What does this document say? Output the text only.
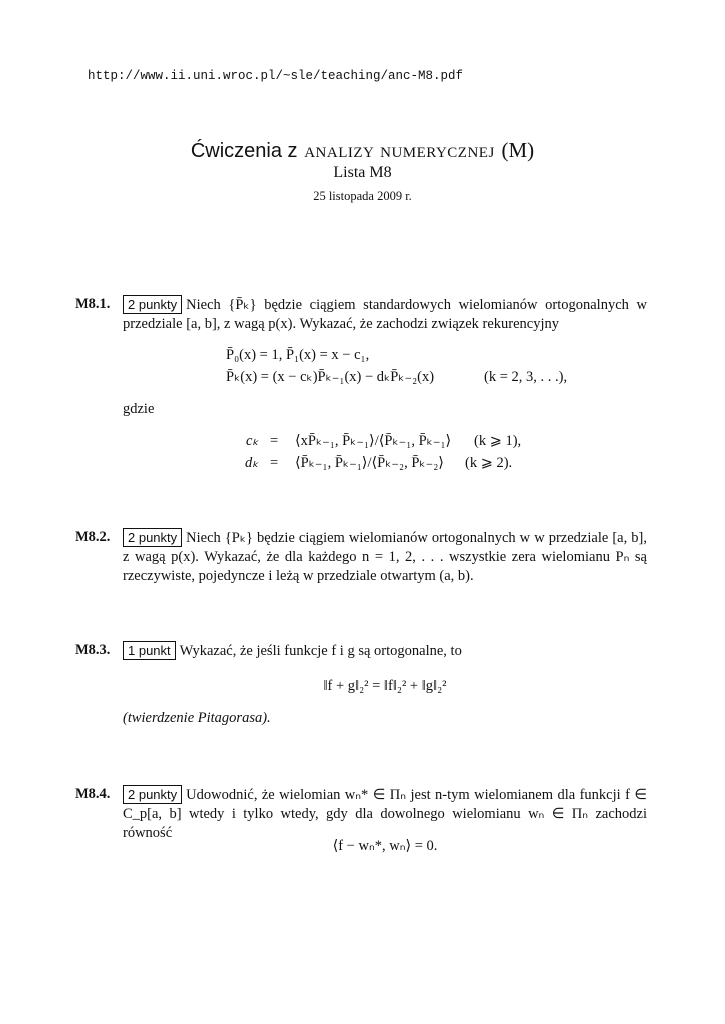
http://www.ii.uni.wroc.pl/~sle/teaching/anc-M8.pdf
Ćwiczenia z analizy numerycznej (M)
Lista M8
25 listopada 2009 r.
M8.1.	2 punkty Niech {P̄ₖ} będzie ciągiem standardowych wielomianów ortogonalnych w przedziale [a, b], z wagą p(x). Wykazać, że zachodzi związek rekurencyjny
P̄₀(x) = 1, P̄₁(x) = x − c₁,
P̄ₖ(x) = (x − cₖ)P̄ₖ₋₁(x) − dₖP̄ₖ₋₂(x)	(k = 2, 3, . . .),
gdzie
cₖ = ⟨xP̄ₖ₋₁, P̄ₖ₋₁⟩/⟨P̄ₖ₋₁, P̄ₖ₋₁⟩ (k ⩾ 1),
dₖ = ⟨P̄ₖ₋₁, P̄ₖ₋₁⟩/⟨P̄ₖ₋₂, P̄ₖ₋₂⟩ (k ⩾ 2).
M8.2.	2 punkty Niech {Pₖ} będzie ciągiem wielomianów ortogonalnych w w przedziale [a, b], z wagą p(x). Wykazać, że dla każdego n = 1, 2, . . . wszystkie zera wielomianu Pₙ są rzeczywiste, pojedyncze i leżą w przedziale otwartym (a, b).
M8.3.	1 punkt Wykazać, że jeśli funkcje f i g są ortogonalne, to
‖f + g‖₂² = ‖f‖₂² + ‖g‖₂²
(twierdzenie Pitagorasa).
M8.4.	2 punkty Udowodnić, że wielomian wₙ* ∈ Πₙ jest n-tym wielomianem dla funkcji f ∈ C_p[a, b] wtedy i tylko wtedy, gdy dla dowolnego wielomianu wₙ ∈ Πₙ zachodzi równość
⟨f − wₙ*, wₙ⟩ = 0.
